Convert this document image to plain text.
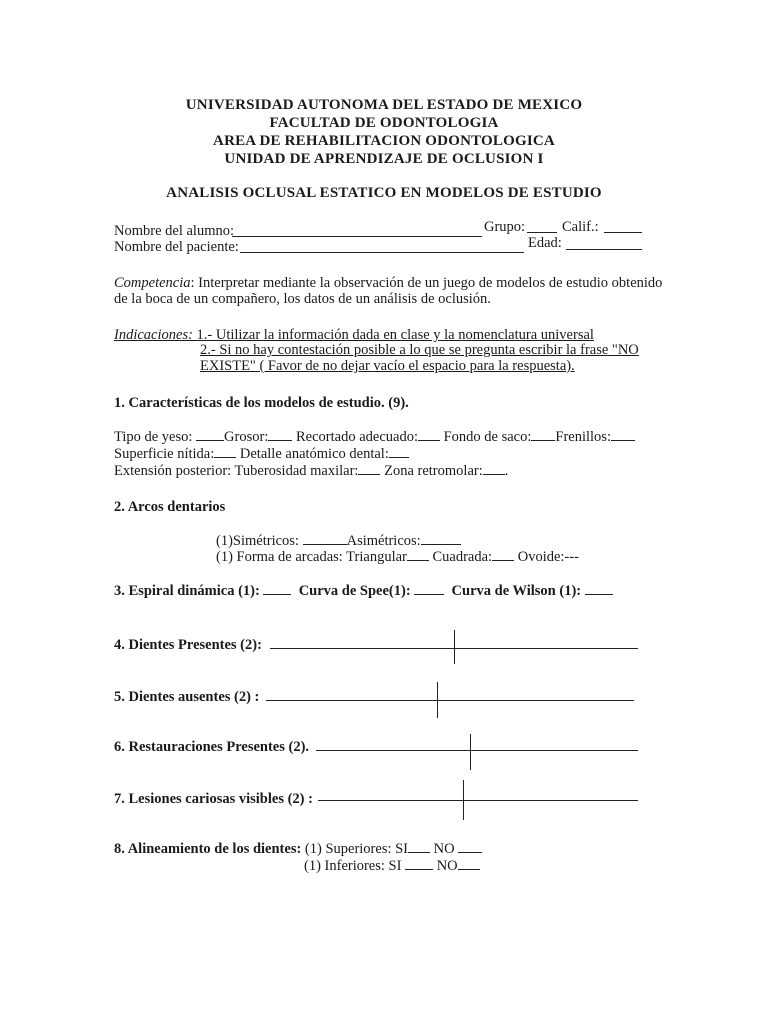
UNIVERSIDAD AUTONOMA DEL ESTADO DE MEXICO
FACULTAD DE ODONTOLOGIA
AREA DE REHABILITACION ODONTOLOGICA
UNIDAD DE APRENDIZAJE DE OCLUSION I
ANALISIS OCLUSAL ESTATICO EN MODELOS DE ESTUDIO
Nombre del alumno:	Grupo:	Calif.:
Nombre del paciente:	Edad:
Competencia: Interpretar mediante la observación de un juego de modelos de estudio obtenido
de la boca de un compañero, los datos de un análisis de oclusión.
Indicaciones: 1.- Utilizar la información dada en clase y la nomenclatura universal
2.- Si no hay contestación posible a lo que se pregunta escribir la frase "NO
EXISTE" ( Favor de no dejar vacío el espacio para la respuesta).
1. Características de los modelos de estudio. (9).
Tipo de yeso: Grosor: Recortado adecuado: Fondo de saco: Frenillos:
Superficie nítida: Detalle anatómico dental:
Extensión posterior: Tuberosidad maxilar: Zona retromolar: .
2. Arcos dentarios
(1)Simétricos:	Asimétricos:
(1) Forma de arcadas: Triangular Cuadrada: Ovoide:---
3. Espiral dinámica (1):	Curva de Spee(1):	Curva de Wilson (1):
4. Dientes Presentes (2):
5. Dientes ausentes (2) :
6. Restauraciones Presentes (2).
7. Lesiones cariosas visibles (2) :
8. Alineamiento de los dientes: (1) Superiores: SI NO
(1) Inferiores: SI NO
